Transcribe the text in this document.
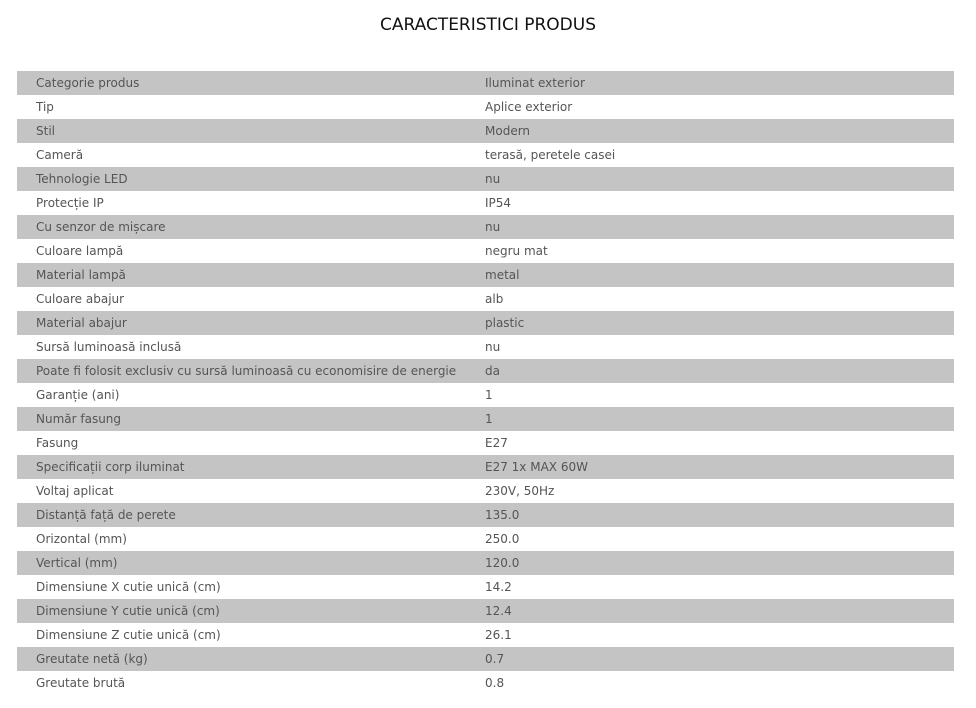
CARACTERISTICI PRODUS
Categorie produs	Iluminat exterior
Tip	Aplice exterior
Stil	Modern
Cameră	terasă, peretele casei
Tehnologie LED	nu
Protecție IP	IP54
Cu senzor de mișcare	nu
Culoare lampă	negru mat
Material lampă	metal
Culoare abajur	alb
Material abajur	plastic
Sursă luminoasă inclusă	nu
Poate fi folosit exclusiv cu sursă luminoasă cu economisire de energie	da
Garanție (ani)	1
Număr fasung	1
Fasung	E27
Specificații corp iluminat	E27 1x MAX 60W
Voltaj aplicat	230V, 50Hz
Distanță față de perete	135.0
Orizontal (mm)	250.0
Vertical (mm)	120.0
Dimensiune X cutie unică (cm)	14.2
Dimensiune Y cutie unică (cm)	12.4
Dimensiune Z cutie unică (cm)	26.1
Greutate netă (kg)	0.7
Greutate brută	0.8
